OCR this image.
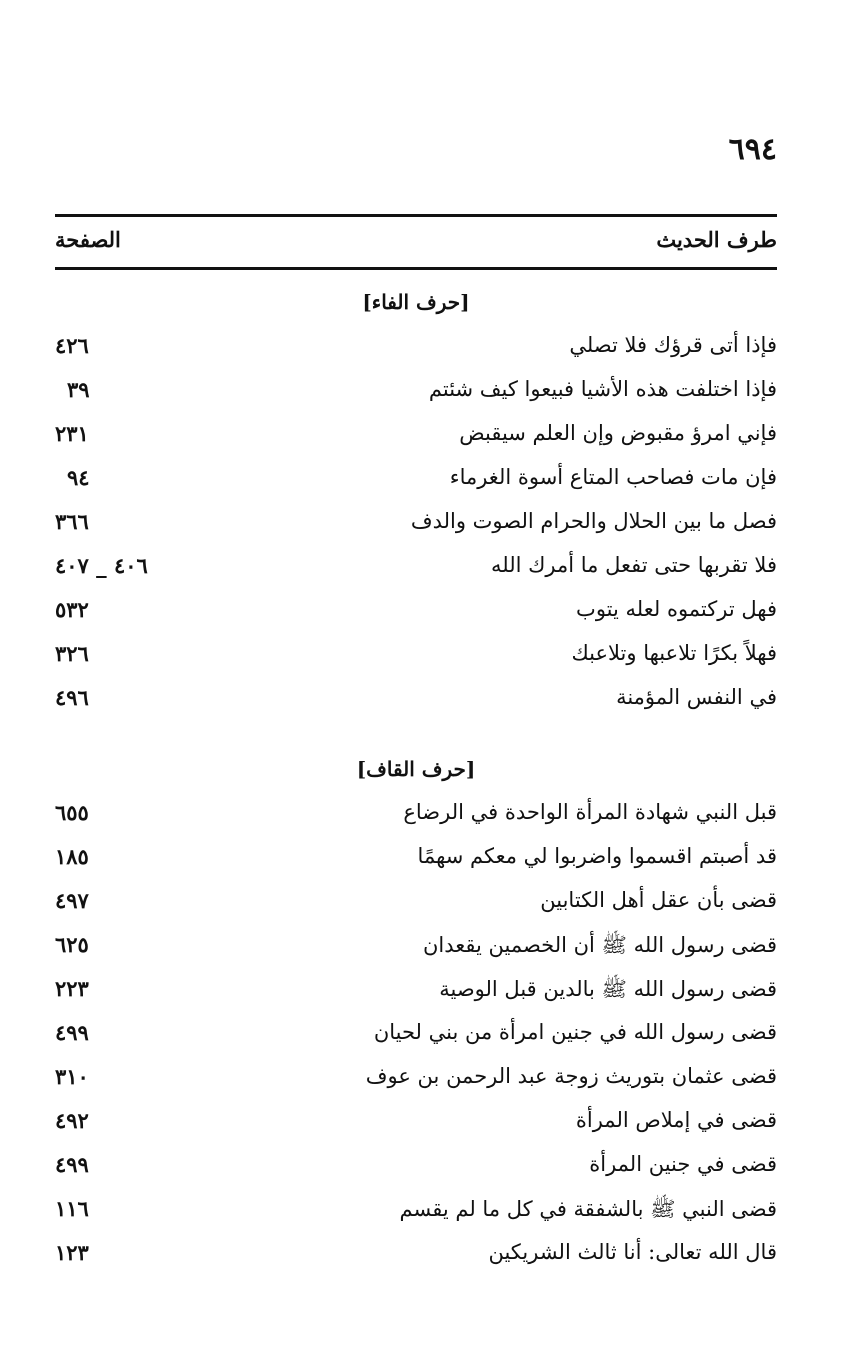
٦٩٤
طرف الحديث
الصفحة
[حرف الفاء]
فإذا أتى قرؤك فلا تصلي
٤٢٦
فإذا اختلفت هذه الأشيا فبيعوا كيف شئتم
٣٩
فإني امرؤ مقبوض وإن العلم سيقبض
٢٣١
فإن مات فصاحب المتاع أسوة الغرماء
٩٤
فصل ما بين الحلال والحرام الصوت والدف
٣٦٦
فلا تقربها حتى تفعل ما أمرك الله
٤٠٦ _ ٤٠٧
فهل تركتموه لعله يتوب
٥٣٢
فهلاً بكرًا تلاعبها وتلاعبك
٣٢٦
في النفس المؤمنة
٤٩٦
[حرف القاف]
قبل النبي شهادة المرأة الواحدة في الرضاع
٦٥٥
قد أصبتم اقسموا واضربوا لي معكم سهمًا
١٨٥
قضى بأن عقل أهل الكتابين
٤٩٧
قضى رسول الله ﷺ أن الخصمين يقعدان
٦٢٥
قضى رسول الله ﷺ بالدين قبل الوصية
٢٢٣
قضى رسول الله في جنين امرأة من بني لحيان
٤٩٩
قضى عثمان بتوريث زوجة عبد الرحمن بن عوف
٣١٠
قضى في إملاص المرأة
٤٩٢
قضى في جنين المرأة
٤٩٩
قضى النبي ﷺ بالشفقة في كل ما لم يقسم
١١٦
قال الله تعالى: أنا ثالث الشريكين
١٢٣
